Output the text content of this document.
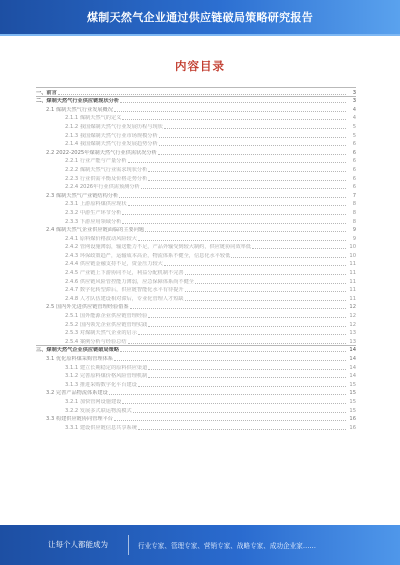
煤制天然气企业通过供应链破局策略研究报告
内容目录
一、前言	3
二、煤制天然气行业供应链现状分析	3
2.1 煤制天然气行业发展概况	4
2.1.1 煤制天然气的定义	4
2.1.2 我国煤制天然气行业发展历程与现状	5
2.1.3 我国煤制天然气行业市场规模分析	5
2.1.4 我国煤制天然气行业发展趋势分析	6
2.2 2022-2025年煤制天然气行业供需状况分析	6
2.2.1 行业产能与产量分析	6
2.2.2 煤制天然气行业需求现状分析	6
2.2.3 行业供需平衡及价格走势分析	6
2.2.4 2026年行业供需预测分析	6
2.3 煤制天然气产业链结构分析	7
2.3.1 上游原料煤供应现状	8
2.3.2 中游生产环节分析	8
2.3.3 下游应用领域分析	8
2.4 煤制天然气企业供应链面临的主要问题	9
2.4.1 原料煤价格波动风险较大	9
2.4.2 管网设施薄弱，输送能力不足，产品外输受到较大制约，供应链协同效率低	10
2.4.3 环保政策趋严，运输成本高企，物流体系不健全，信息化水平较低	10
2.4.4 供应链金融支持不足，资金压力较大	11
2.4.5 产业链上下游协同不足，利益分配机制不完善	11
2.4.6 供应链风险管控能力薄弱，应急保障体系尚不健全	11
2.4.7 数字化转型滞后，供应链智能化水平有待提升	11
2.4.8 人才队伍建设相对滞后，专业化管理人才短缺	11
2.5 国内外先进供应链管理经验借鉴	12
2.5.1 国外能源企业供应链管理经验	12
2.5.2 国内领先企业供应链管理实践	12
2.5.3 对煤制天然气企业的启示	13
2.5.4 案例分析与经验总结	13
三、煤制天然气企业供应链破局策略	14
3.1 优化原料煤采购管理体系	14
3.1.1 建立长期稳定的原料供应渠道	14
3.1.2 完善原料煤价格风险管理机制	14
3.1.3 推进采购数字化平台建设	15
3.2 完善产品物流体系建设	15
3.2.1 加快管网设施建设	15
3.2.2 发展多式联运物流模式	15
3.3 构建供应链协同管理平台	16
3.3.1 建设供应链信息共享系统	16
让每个人都能成为	行业专家、管理专家、营销专家、战略专家、成功企业家……
